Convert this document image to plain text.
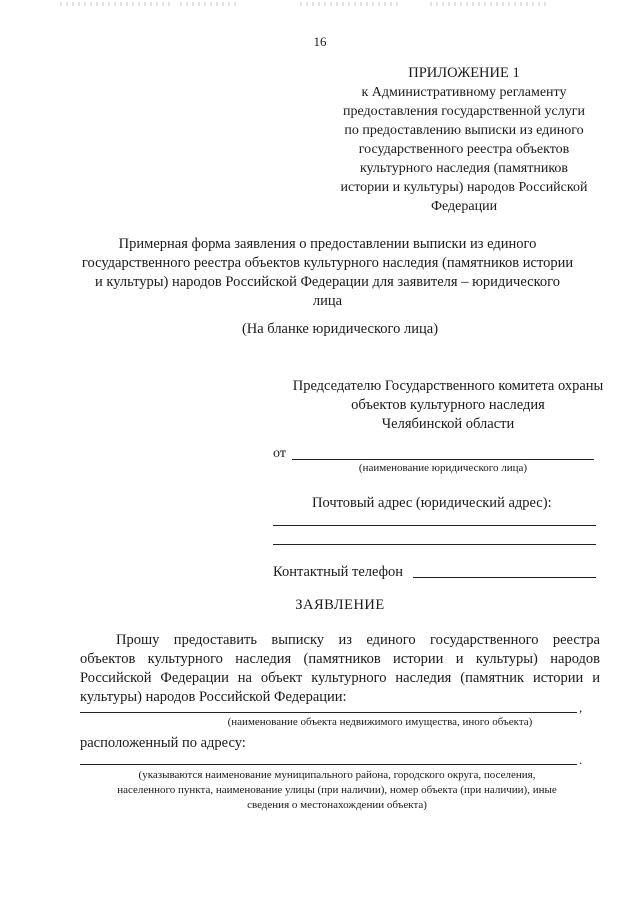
16
ПРИЛОЖЕНИЕ 1
к Административному регламенту
предоставления государственной услуги
по предоставлению выписки из единого
государственного реестра объектов
культурного наследия (памятников
истории и культуры) народов Российской
Федерации
Примерная форма заявления о предоставлении выписки из единого
государственного реестра объектов культурного наследия (памятников истории
и культуры) народов Российской Федерации для заявителя – юридического
лица
(На бланке юридического лица)
Председателю Государственного комитета охраны
объектов культурного наследия
Челябинской области
от
(наименование юридического лица)
Почтовый адрес (юридический адрес):
Контактный телефон
ЗАЯВЛЕНИЕ
Прошу предоставить выписку из единого государственного реестра
объектов культурного наследия (памятников истории и культуры) народов
Российской Федерации на объект культурного наследия (памятник истории и
культуры) народов Российской Федерации:
,
(наименование объекта недвижимого имущества, иного объекта)
расположенный по адресу:
.
(указываются наименование муниципального района, городского округа, поселения,
населенного пункта, наименование улицы (при наличии), номер объекта (при наличии), иные
сведения о местонахождении объекта)
